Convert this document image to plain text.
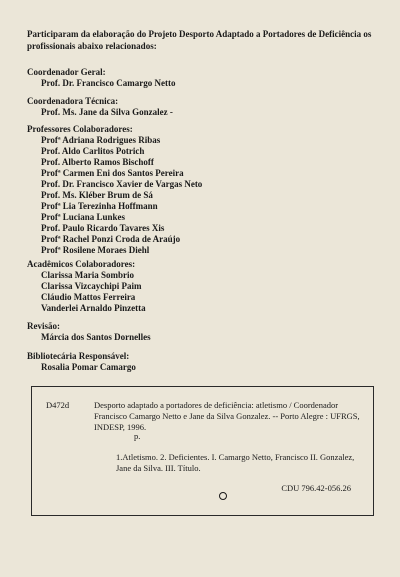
Participaram da elaboração do Projeto Desporto Adaptado a Portadores de Deficiência os profissionais abaixo relacionados:

Coordenador Geral:

Prof. Dr. Francisco Camargo Netto

Coordenadora Técnica:

Prof. Ms. Jane da Silva Gonzalez -

Professores Colaboradores:

Profª Adriana Rodrigues Ribas

Prof. Aldo Carlitos Potrich

Prof. Alberto Ramos Bischoff

Profª Carmen Eni dos Santos Pereira

Prof. Dr. Francisco Xavier de Vargas Neto

Prof. Ms. Kléber Brum de Sá

Profª Lia Terezinha Hoffmann

Profª Luciana Lunkes

Prof. Paulo Ricardo Tavares Xis

Profª Rachel Ponzi Croda de Araújo

Profª Rosilene Moraes Diehl

Acadêmicos Colaboradores:

Clarissa Maria Sombrio

Clarissa Vizcaychipi Paim

Cláudio Mattos Ferreira

Vanderlei Arnaldo Pinzetta

Revisão:

Márcia dos Santos Dornelles

Bibliotecária Responsável:

Rosalia Pomar Camargo

D472d	Desporto adaptado a portadores de deficiência: atletismo / Coordenador Francisco Camargo Netto e Jane da Silva Gonzalez. -- Porto Alegre : UFRGS, INDESP, 1996.
p.
1.Atletismo. 2. Deficientes. I. Camargo Netto, Francisco II. Gonzalez, Jane da Silva. III. Título.
CDU 796.42-056.26
